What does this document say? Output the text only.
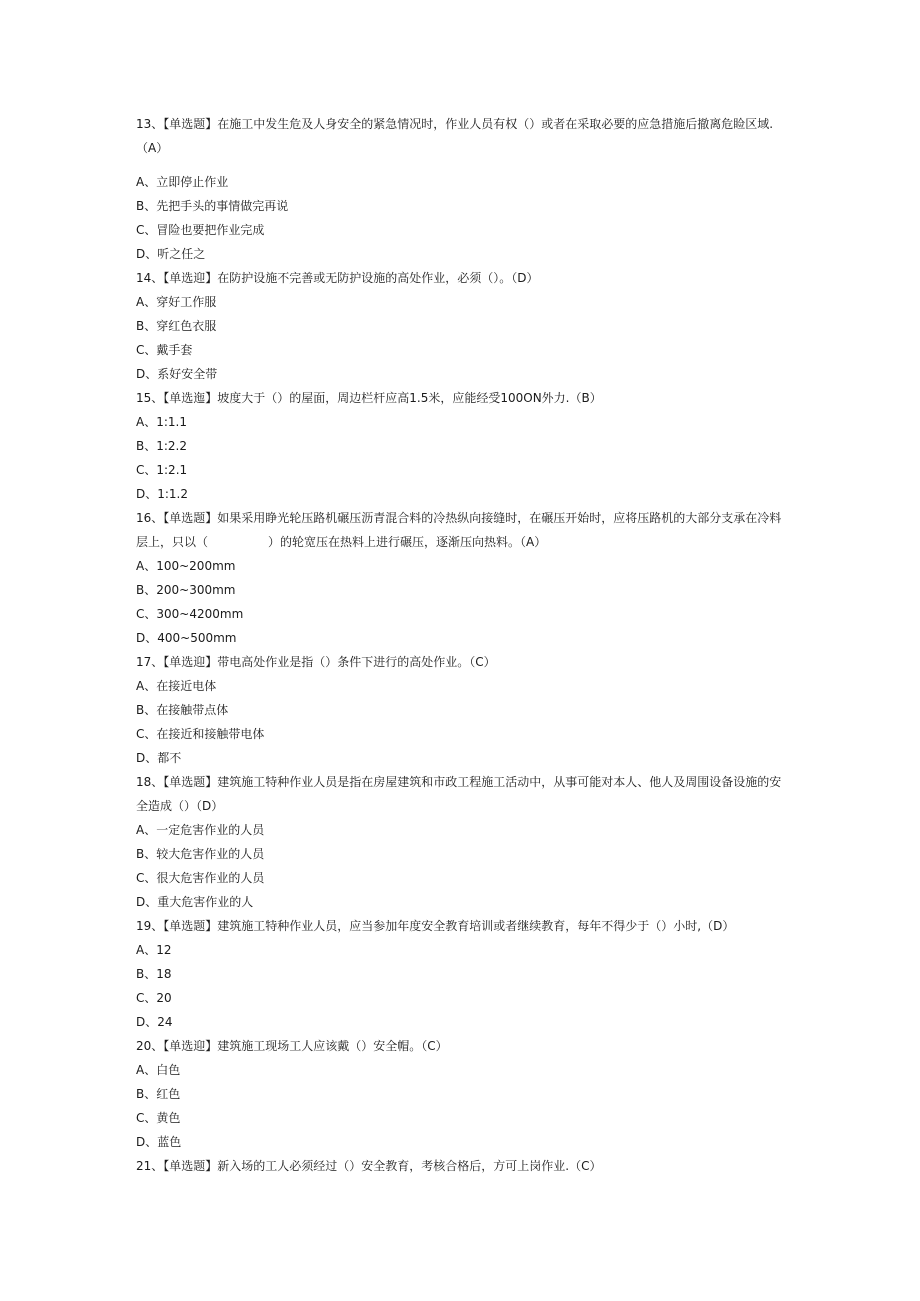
13、【单选题】在施工中发生危及人身安全的紧急情况时，作业人员有权（）或者在采取必要的应急措施后撤离危睑区域.（A）

A、立即停止作业

B、先把手头的事情做完再说

C、冒险也要把作业完成

D、听之任之

14、【单选迎】在防护设施不完善或无防护设施的高处作业，必须（）。（D）

A、穿好工作服

B、穿红色衣服

C、戴手套

D、系好安全带

15、【单选迤】坡度大于（）的屋面，周边栏杆应高1.5米，应能经受100ON外力.（B）

A、1:1.1

B、1:2.2

C、1:2.1

D、1:1.2

16、【单选题】如果采用睁光轮压路机碾压沥青混合料的冷热纵向接缝时，在碾压开始时，应将压路机的大部分支承在冷料层上，只以（　　　　　）的轮宽压在热料上进行碾压，逐渐压向热料。（A）

A、100~200mm

B、200~300mm

C、300~4200mm

D、400~500mm

17、【单选迎】带电高处作业是指（）条件下进行的高处作业。（C）

A、在接近电体

B、在接触带点体

C、在接近和接触带电体

D、都不

18、【单选题】建筑施工特种作业人员是指在房屋建筑和市政工程施工活动中，从事可能对本人、他人及周围设备设施的安全造成（）（D）

A、一定危害作业的人员

B、较大危害作业的人员

C、很大危害作业的人员

D、重大危害作业的人

19、【单选题】建筑施工特种作业人员，应当参加年度安全教育培训或者继续教育，每年不得少于（）小时,（D）

A、12

B、18

C、20

D、24

20、【单选迎】建筑施工现场工人应该戴（）安全帽。（C）

A、白色

B、红色

C、黄色

D、蓝色

21、【单选题】新入场的工人必须经过（）安全教育，考核合格后，方可上岗作业.（C）
